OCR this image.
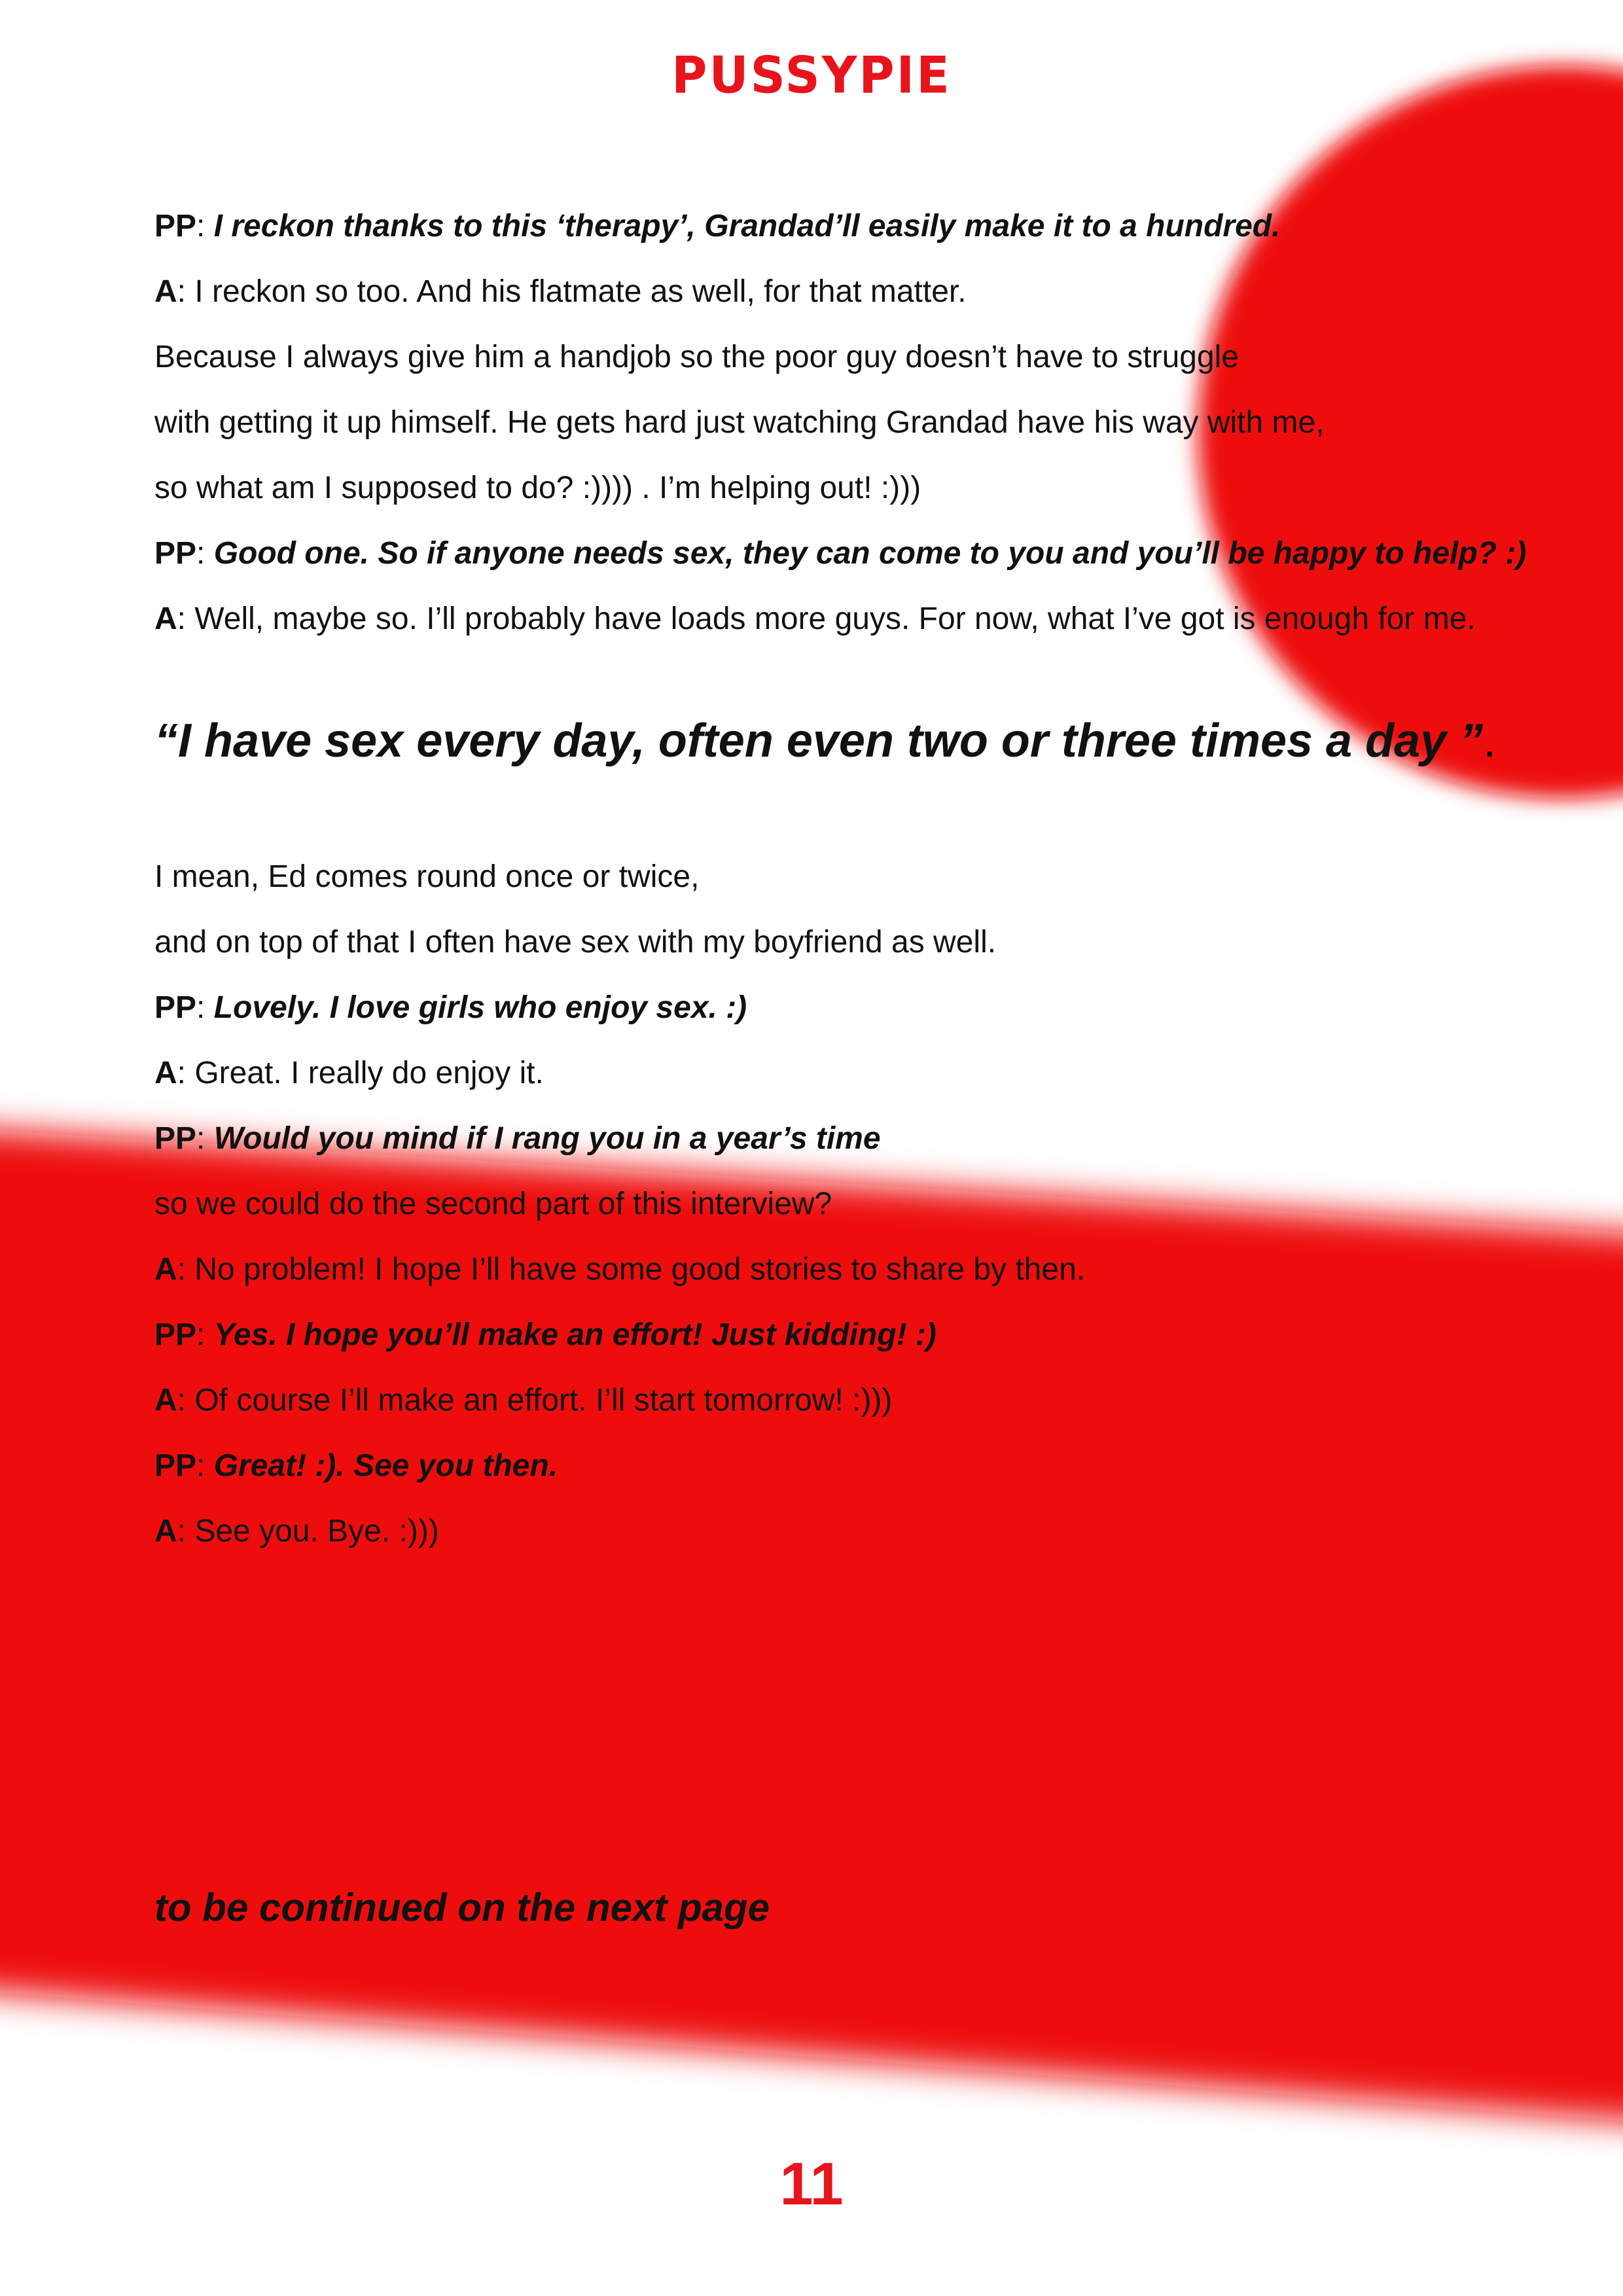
PUSSYPIE
PP: I reckon thanks to this ‘therapy’, Grandad’ll easily make it to a hundred.
A: I reckon so too. And his flatmate as well, for that matter.
Because I always give him a handjob so the poor guy doesn’t have to struggle
with getting it up himself. He gets hard just watching Grandad have his way with me,
so what am I supposed to do? :)))) . I’m helping out! :)))
PP: Good one. So if anyone needs sex, they can come to you and you’ll be happy to help? :)
A: Well, maybe so. I’ll probably have loads more guys. For now, what I’ve got is enough for me.
“I have sex every day, often even two or three times a day ”.
I mean, Ed comes round once or twice,
and on top of that I often have sex with my boyfriend as well.
PP: Lovely. I love girls who enjoy sex. :)
A: Great. I really do enjoy it.
PP: Would you mind if I rang you in a year’s time
so we could do the second part of this interview?
A: No problem! I hope I’ll have some good stories to share by then.
PP: Yes. I hope you’ll make an effort! Just kidding! :)
A: Of course I’ll make an effort. I’ll start tomorrow! :)))
PP: Great! :). See you then.
A: See you. Bye. :)))
to be continued on the next page
11
